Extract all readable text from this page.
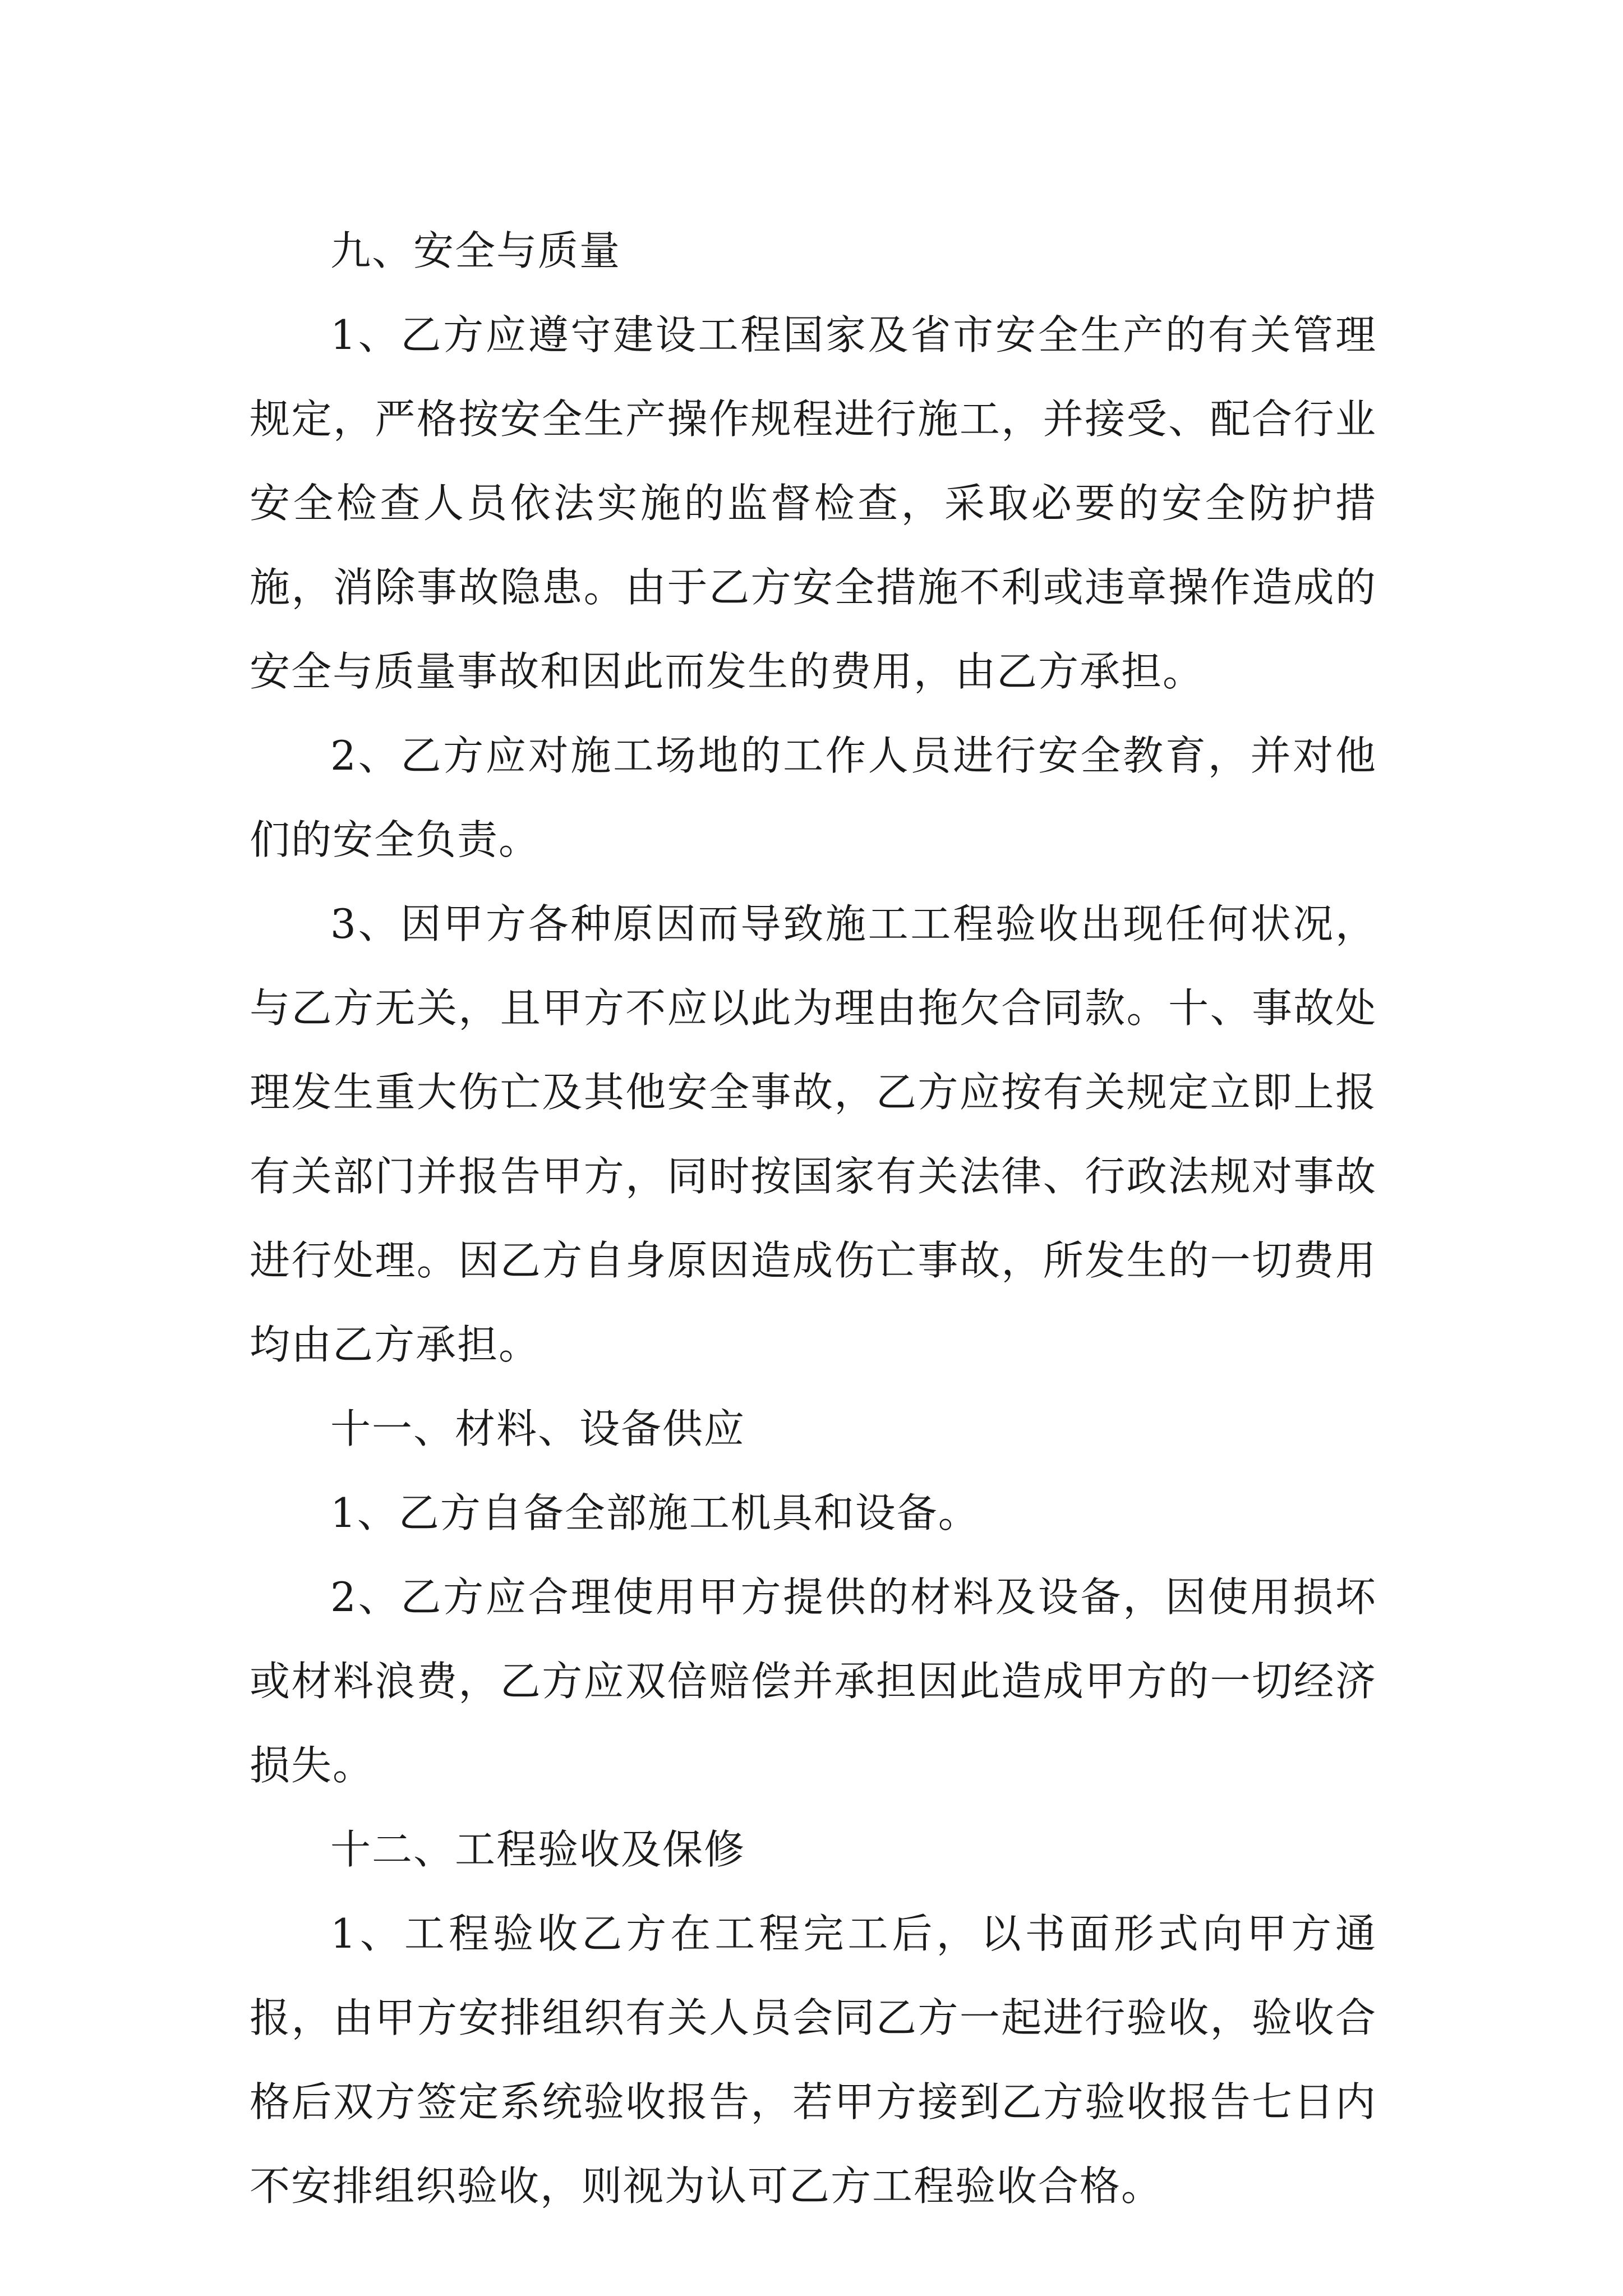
九、安全与质量

1、乙方应遵守建设工程国家及省市安全生产的有关管理规定，严格按安全生产操作规程进行施工，并接受、配合行业安全检查人员依法实施的监督检查，采取必要的安全防护措施，消除事故隐患。由于乙方安全措施不利或违章操作造成的安全与质量事故和因此而发生的费用，由乙方承担。

2、乙方应对施工场地的工作人员进行安全教育，并对他们的安全负责。

3、因甲方各种原因而导致施工工程验收出现任何状况，与乙方无关，且甲方不应以此为理由拖欠合同款。十、事故处理发生重大伤亡及其他安全事故，乙方应按有关规定立即上报有关部门并报告甲方，同时按国家有关法律、行政法规对事故进行处理。因乙方自身原因造成伤亡事故，所发生的一切费用均由乙方承担。

十一、材料、设备供应

1、乙方自备全部施工机具和设备。

2、乙方应合理使用甲方提供的材料及设备，因使用损坏或材料浪费，乙方应双倍赔偿并承担因此造成甲方的一切经济损失。

十二、工程验收及保修

1、工程验收乙方在工程完工后，以书面形式向甲方通报，由甲方安排组织有关人员会同乙方一起进行验收，验收合格后双方签定系统验收报告，若甲方接到乙方验收报告七日内不安排组织验收，则视为认可乙方工程验收合格。
